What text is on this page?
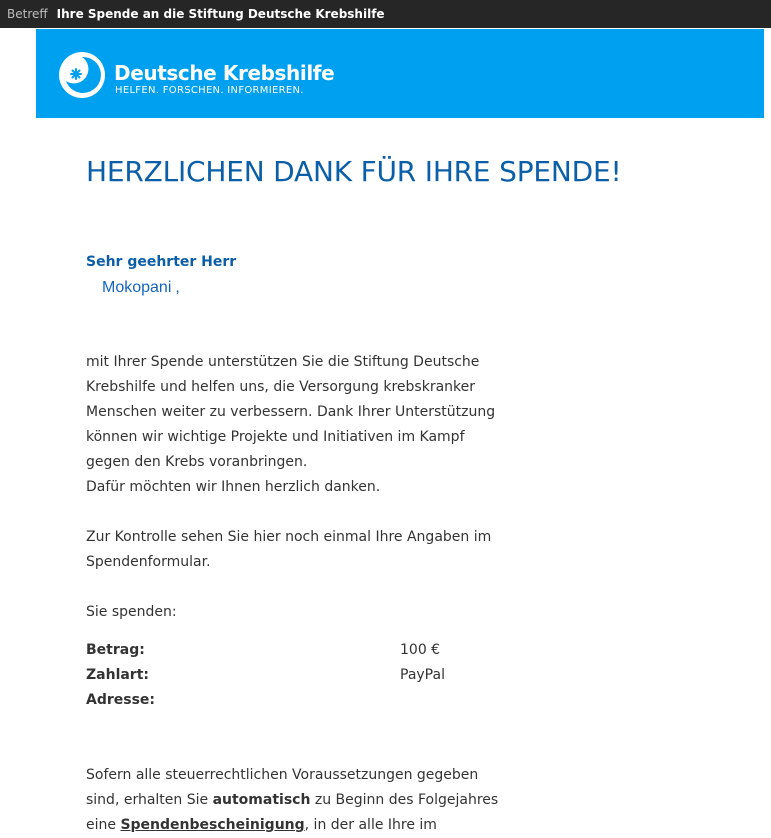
Betreff Ihre Spende an die Stiftung Deutsche Krebshilfe
Deutsche Krebshilfe
HELFEN. FORSCHEN. INFORMIEREN.
HERZLICHEN DANK FÜR IHRE SPENDE!
Sehr geehrter Herr
Mokopani ,
mit Ihrer Spende unterstützen Sie die Stiftung Deutsche
Krebshilfe und helfen uns, die Versorgung krebskranker
Menschen weiter zu verbessern. Dank Ihrer Unterstützung
können wir wichtige Projekte und Initiativen im Kampf
gegen den Krebs voranbringen.
Dafür möchten wir Ihnen herzlich danken.
Zur Kontrolle sehen Sie hier noch einmal Ihre Angaben im
Spendenformular.
Sie spenden:
Betrag:	100 €
Zahlart:	PayPal
Adresse:
Sofern alle steuerrechtlichen Voraussetzungen gegeben
sind, erhalten Sie automatisch zu Beginn des Folgejahres
eine Spendenbescheinigung, in der alle Ihre im
